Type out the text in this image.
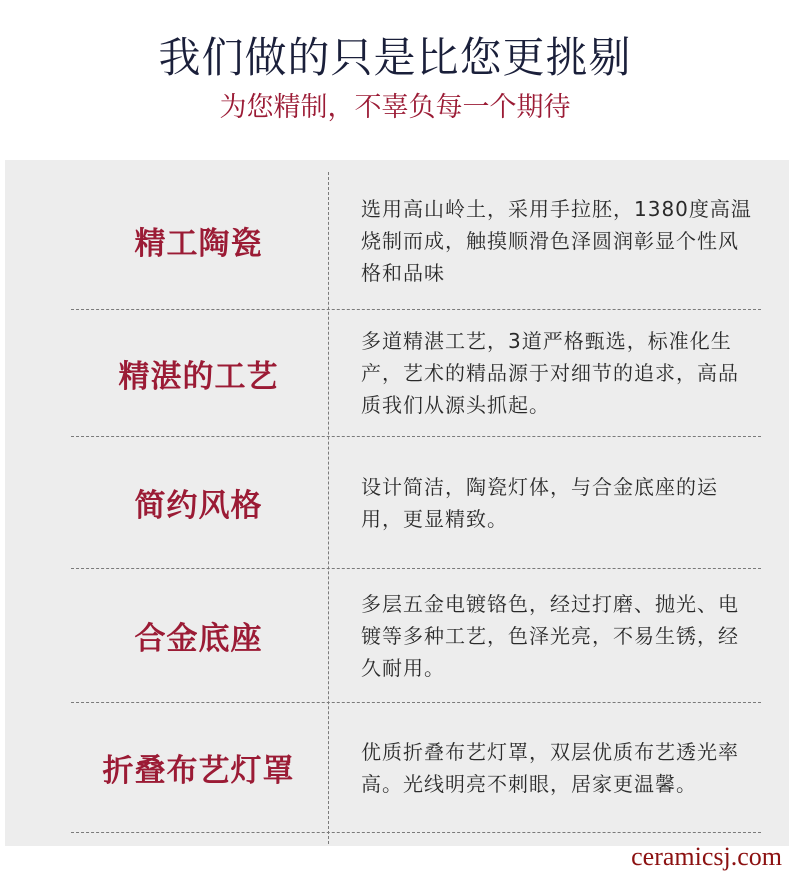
我们做的只是比您更挑剔
为您精制，不辜负每一个期待
精工陶瓷
选用高山岭土，采用手拉胚，1380度高温烧制而成，触摸顺滑色泽圆润彰显个性风格和品味
精湛的工艺
多道精湛工艺，3道严格甄选，标准化生产，艺术的精品源于对细节的追求，高品质我们从源头抓起。
简约风格
设计简洁，陶瓷灯体，与合金底座的运用，更显精致。
合金底座
多层五金电镀铬色，经过打磨、抛光、电镀等多种工艺，色泽光亮，不易生锈，经久耐用。
折叠布艺灯罩
优质折叠布艺灯罩，双层优质布艺透光率高。光线明亮不刺眼，居家更温馨。
ceramicsj.com
